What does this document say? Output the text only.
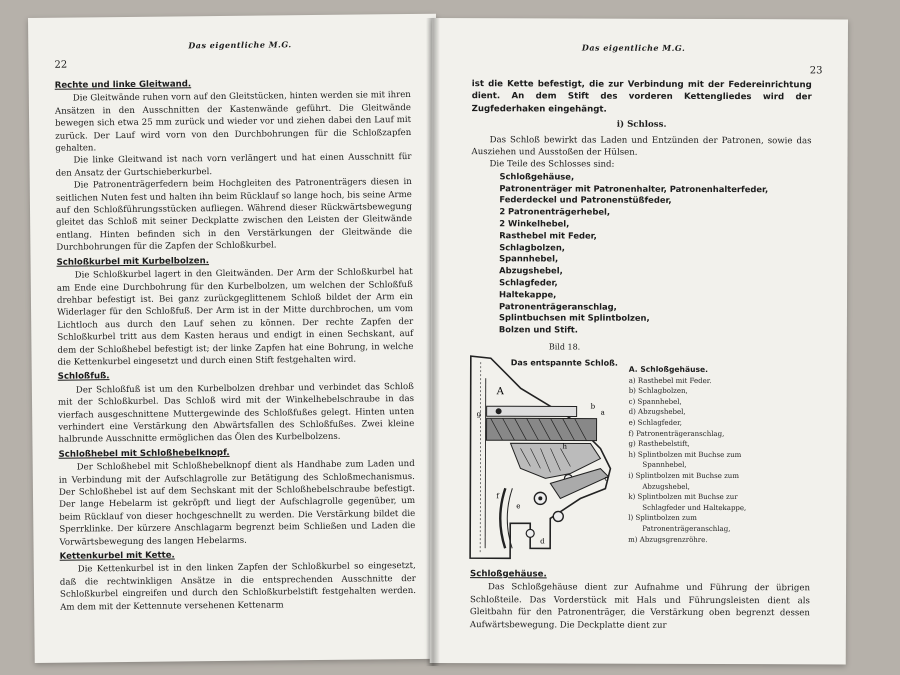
Das eigentliche M.G.
22
Rechte und linke Gleitwand.

Die Gleitwände ruhen vorn auf den Gleitstücken, hinten werden sie mit ihren Ansätzen in den Ausschnitten der Kastenwände geführt. Die Gleitwände bewegen sich etwa 25 mm zurück und wieder vor und ziehen dabei den Lauf mit zurück. Der Lauf wird vorn von den Durchbohrungen für die Schloßzapfen gehalten.

Die linke Gleitwand ist nach vorn verlängert und hat einen Ausschnitt für den Ansatz der Gurtschieberkurbel.

Die Patronenträgerfedern beim Hochgleiten des Patronenträgers diesen in seitlichen Nuten fest und halten ihn beim Rücklauf so lange hoch, bis seine Arme auf den Schloßführungsstücken aufliegen. Während dieser Rückwärtsbewegung gleitet das Schloß mit seiner Deckplatte zwischen den Leisten der Gleitwände entlang. Hinten befinden sich in den Verstärkungen der Gleitwände die Durchbohrungen für die Zapfen der Schloßkurbel.

Schloßkurbel mit Kurbelbolzen.

Die Schloßkurbel lagert in den Gleitwänden. Der Arm der Schloßkurbel hat am Ende eine Durchbohrung für den Kurbelbolzen, um welchen der Schloßfuß drehbar befestigt ist. Bei ganz zurückgeglittenem Schloß bildet der Arm ein Widerlager für den Schloßfuß. Der Arm ist in der Mitte durchbrochen, um vom Lichtloch aus durch den Lauf sehen zu können. Der rechte Zapfen der Schloßkurbel tritt aus dem Kasten heraus und endigt in einen Sechskant, auf dem der Schloßhebel befestigt ist; der linke Zapfen hat eine Bohrung, in welche die Kettenkurbel eingesetzt und durch einen Stift festgehalten wird.

Schloßfuß.

Der Schloßfuß ist um den Kurbelbolzen drehbar und verbindet das Schloß mit der Schloßkurbel. Das Schloß wird mit der Winkelhebelschraube in das vierfach ausgeschnittene Muttergewinde des Schloßfußes gelegt. Hinten unten verhindert eine Verstärkung den Abwärtsfallen des Schloßfußes. Zwei kleine halbrunde Ausschnitte ermöglichen das Ölen des Kurbelbolzens.

Schloßhebel mit Schloßhebelknopf.

Der Schloßhebel mit Schloßhebelknopf dient als Handhabe zum Laden und in Verbindung mit der Aufschlagrolle zur Betätigung des Schloßmechanismus. Der Schloßhebel ist auf dem Sechskant mit der Schloßhebelschraube befestigt. Der lange Hebelarm ist gekröpft und liegt der Aufschlagrolle gegenüber, um beim Rücklauf von dieser hochgeschnellt zu werden. Die Verstärkung bildet die Sperrklinke. Der kürzere Anschlagarm begrenzt beim Schließen und Laden die Vorwärtsbewegung des langen Hebelarms.

Kettenkurbel mit Kette.

Die Kettenkurbel ist in den linken Zapfen der Schloßkurbel so eingesetzt, daß die rechtwinkligen Ansätze in die entsprechenden Ausschnitte der Schloßkurbel eingreifen und durch den Schloßkurbelstift festgehalten werden. Am dem mit der Kettennute versehenen Kettenarm

Das eigentliche M.G.
23

ist die Kette befestigt, die zur Verbindung mit der Federeinrichtung dient. An dem Stift des vorderen Kettengliedes wird der Zugfederhaken eingehängt.

i) Schloss.

Das Schloß bewirkt das Laden und Entzünden der Patronen, sowie das Ausziehen und Ausstoßen der Hülsen.

Die Teile des Schlosses sind:

Schloßgehäuse,
Patronenträger mit Patronenhalter, Patronenhalterfeder, Federdeckel und Patronenstüßfeder,
2 Patronenträgerhebel,
2 Winkelhebel,
Rasthebel mit Feder,
Schlagbolzen,
Spannhebel,
Abzugshebel,
Schlagfeder,
Haltekappe,
Patronenträgeranschlag,
Splintbuchsen mit Splintbolzen,
Bolzen und Stift.
Bild 18.
Das entspannte Schloß.
A
g	a
b
c
d
e
f
h
A. Schloßgehäuse.
a) Rasthebel mit Feder.
b) Schlagbolzen,
c) Spannhebel,
d) Abzugshebel,
e) Schlagfeder,
f) Patronenträgeranschlag,
g) Rasthebelstift,
h) Splintbolzen mit Buchse zum Spannhebel,
i) Splintbolzen mit Buchse zum Abzugshebel,
k) Splintbolzen mit Buchse zur Schlagfeder und Haltekappe,
l) Splintbolzen zum Patronenträgeranschlag,
m) Abzugsgrenzröhre.
Schloßgehäuse.

Das Schloßgehäuse dient zur Aufnahme und Führung der übrigen Schloßteile. Das Vorderstück mit Hals und Führungsleisten dient als Gleitbahn für den Patronenträger, die Verstärkung oben begrenzt dessen Aufwärtsbewegung. Die Deckplatte dient zur
